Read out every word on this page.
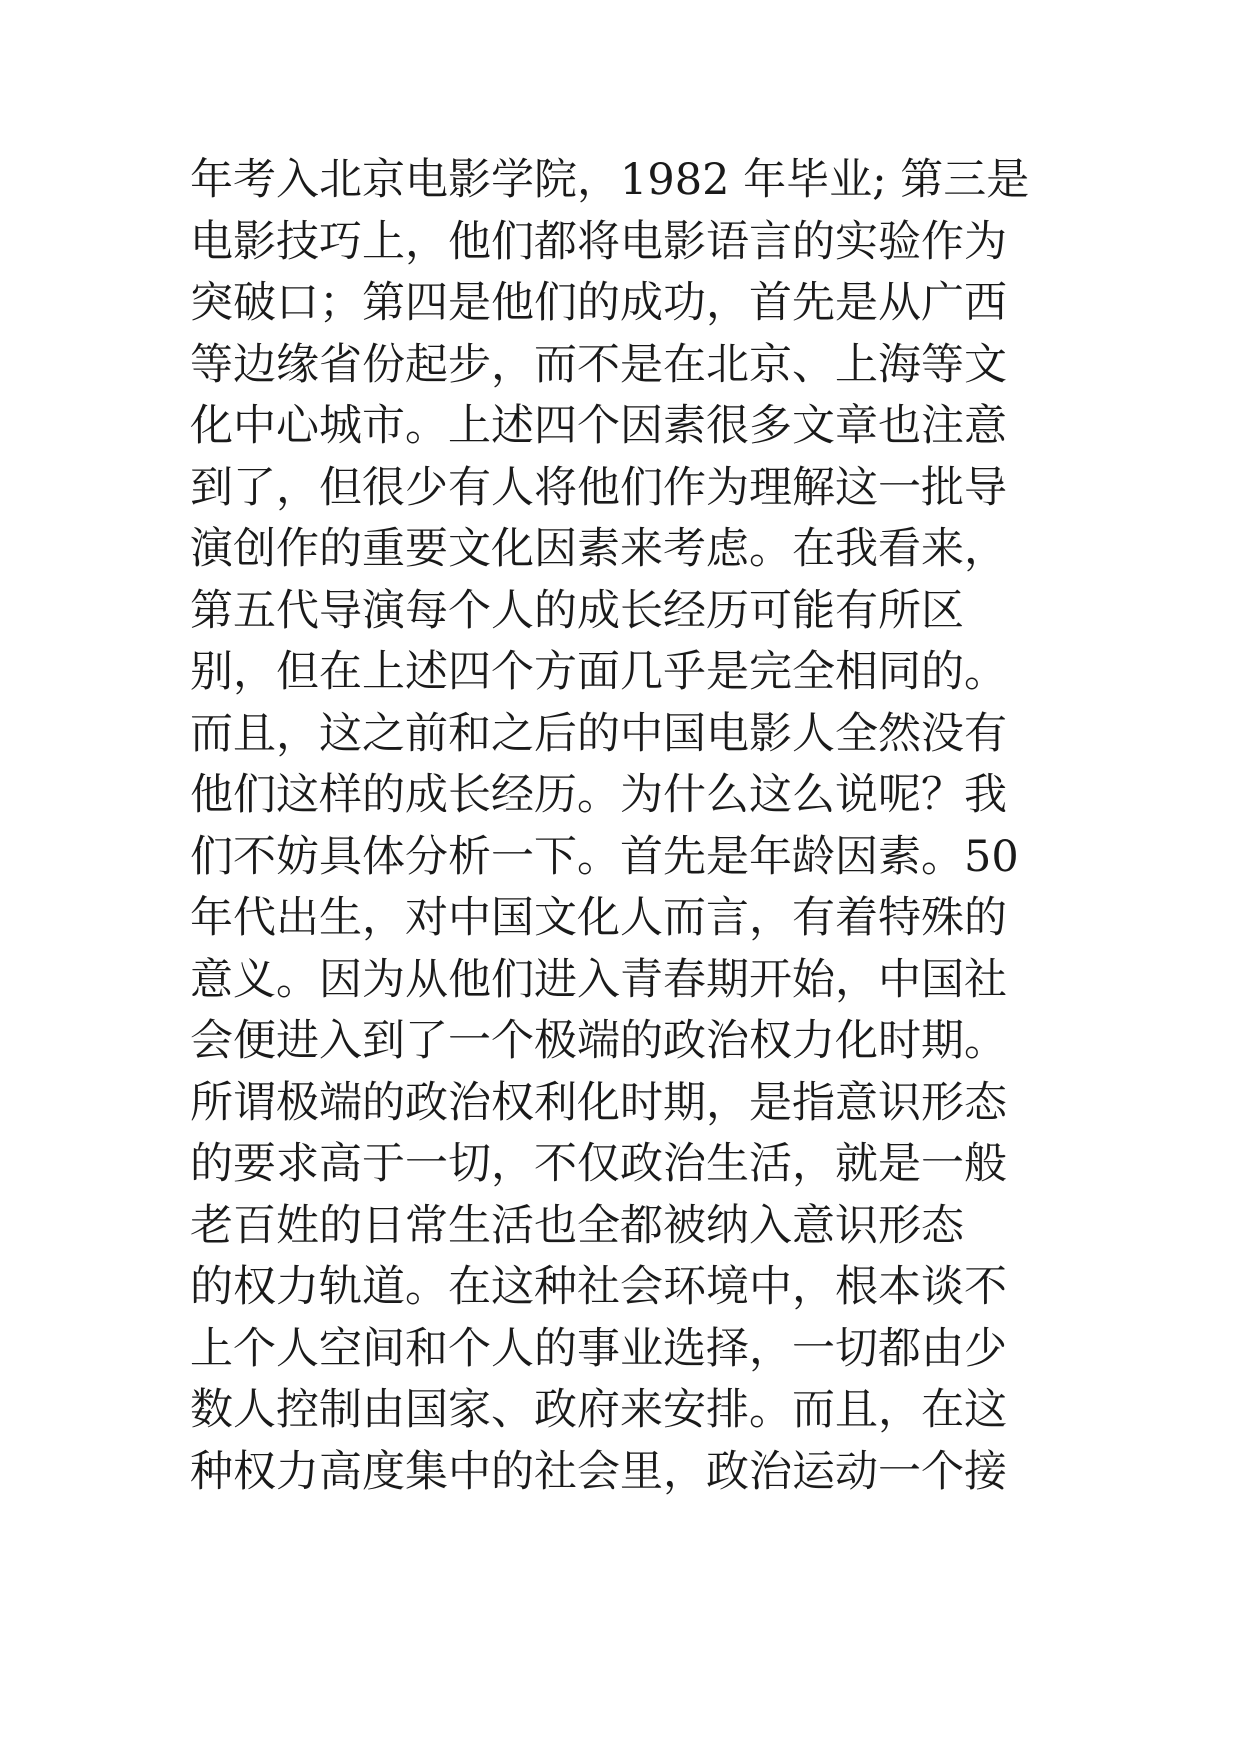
年考入北京电影学院，1982 年毕业; 第三是
电影技巧上，他们都将电影语言的实验作为
突破口；第四是他们的成功，首先是从广西
等边缘省份起步，而不是在北京、上海等文
化中心城市。上述四个因素很多文章也注意
到了，但很少有人将他们作为理解这一批导
演创作的重要文化因素来考虑。在我看来，
第五代导演每个人的成长经历可能有所区
别，但在上述四个方面几乎是完全相同的。
而且，这之前和之后的中国电影人全然没有
他们这样的成长经历。为什么这么说呢？我
们不妨具体分析一下。首先是年龄因素。50
年代出生，对中国文化人而言，有着特殊的
意义。因为从他们进入青春期开始，中国社
会便进入到了一个极端的政治权力化时期。
所谓极端的政治权利化时期，是指意识形态
的要求高于一切，不仅政治生活，就是一般
老百姓的日常生活也全都被纳入意识形态
的权力轨道。在这种社会环境中，根本谈不
上个人空间和个人的事业选择，一切都由少
数人控制由国家、政府来安排。而且，在这
种权力高度集中的社会里，政治运动一个接
